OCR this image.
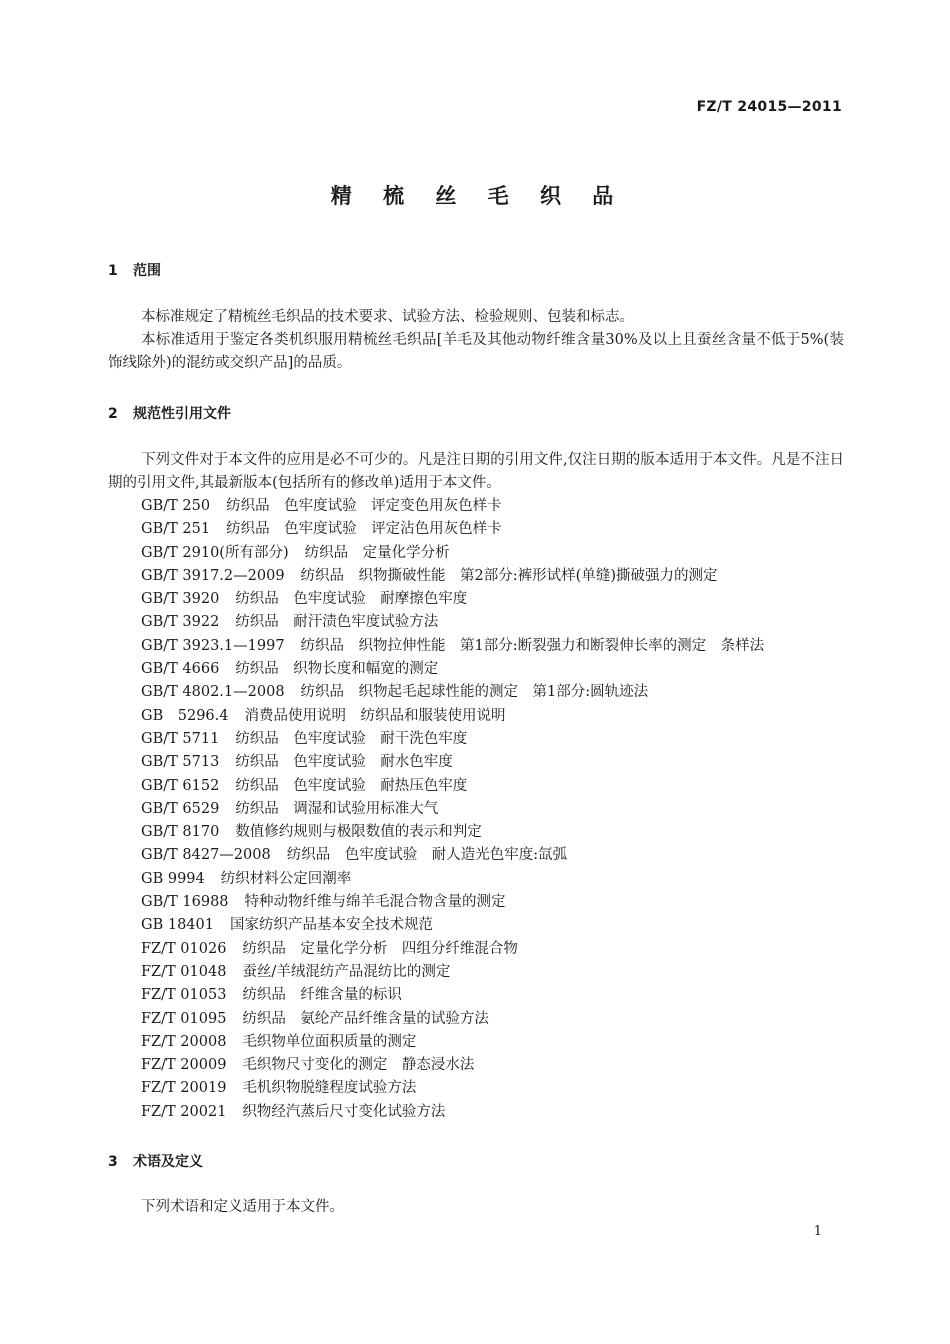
FZ/T 24015—2011
精 梳 丝 毛 织 品
1 范围

本标准规定了精梳丝毛织品的技术要求、试验方法、检验规则、包装和标志。

本标准适用于鉴定各类机织服用精梳丝毛织品[羊毛及其他动物纤维含量30%及以上且蚕丝含量不低于5%(装饰线除外)的混纺或交织产品]的品质。

2 规范性引用文件

下列文件对于本文件的应用是必不可少的。凡是注日期的引用文件,仅注日期的版本适用于本文件。凡是不注日期的引用文件,其最新版本(包括所有的修改单)适用于本文件。

GB/T 250 纺织品　色牢度试验　评定变色用灰色样卡
GB/T 251 纺织品　色牢度试验　评定沾色用灰色样卡
GB/T 2910(所有部分) 纺织品　定量化学分析
GB/T 3917.2—2009 纺织品　织物撕破性能　第2部分:裤形试样(单缝)撕破强力的测定
GB/T 3920 纺织品　色牢度试验　耐摩擦色牢度
GB/T 3922 纺织品　耐汗渍色牢度试验方法
GB/T 3923.1—1997 纺织品　织物拉伸性能　第1部分:断裂强力和断裂伸长率的测定　条样法
GB/T 4666 纺织品　织物长度和幅宽的测定
GB/T 4802.1—2008 纺织品　织物起毛起球性能的测定　第1部分:圆轨迹法
GB　5296.4 消费品使用说明　纺织品和服装使用说明
GB/T 5711 纺织品　色牢度试验　耐干洗色牢度
GB/T 5713 纺织品　色牢度试验　耐水色牢度
GB/T 6152 纺织品　色牢度试验　耐热压色牢度
GB/T 6529 纺织品　调湿和试验用标准大气
GB/T 8170 数值修约规则与极限数值的表示和判定
GB/T 8427—2008 纺织品　色牢度试验　耐人造光色牢度:氙弧
GB 9994 纺织材料公定回潮率
GB/T 16988 特种动物纤维与绵羊毛混合物含量的测定
GB 18401 国家纺织产品基本安全技术规范
FZ/T 01026 纺织品　定量化学分析　四组分纤维混合物
FZ/T 01048 蚕丝/羊绒混纺产品混纺比的测定
FZ/T 01053 纺织品　纤维含量的标识
FZ/T 01095 纺织品　氨纶产品纤维含量的试验方法
FZ/T 20008 毛织物单位面积质量的测定
FZ/T 20009 毛织物尺寸变化的测定　静态浸水法
FZ/T 20019 毛机织物脱缝程度试验方法
FZ/T 20021 织物经汽蒸后尺寸变化试验方法
3 术语及定义

下列术语和定义适用于本文件。

1
